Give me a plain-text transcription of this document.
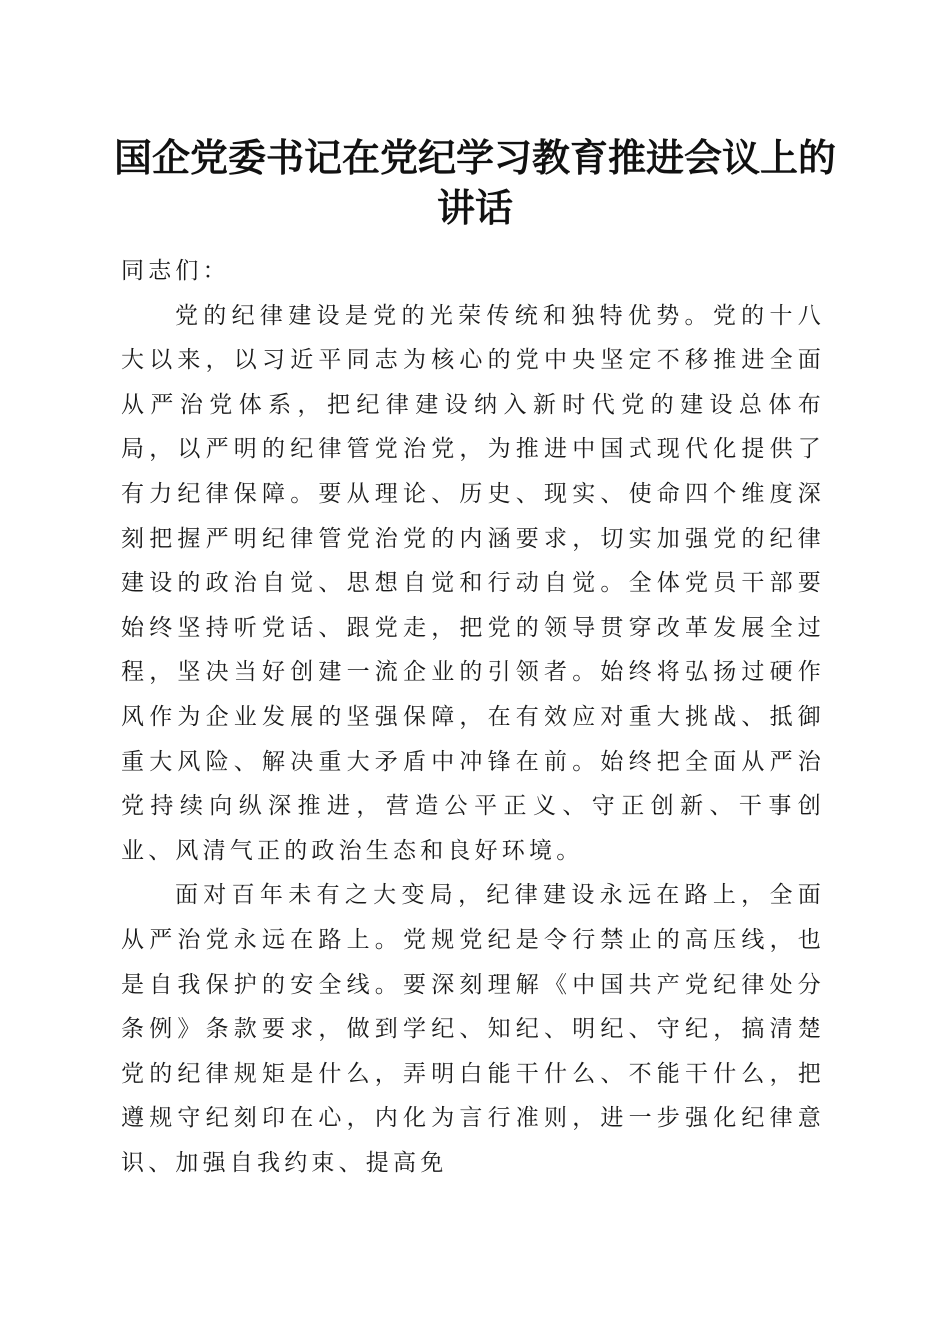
国企党委书记在党纪学习教育推进会议上的讲话

同志们：

党的纪律建设是党的光荣传统和独特优势。党的十八大以来，以习近平同志为核心的党中央坚定不移推进全面从严治党体系，把纪律建设纳入新时代党的建设总体布局，以严明的纪律管党治党，为推进中国式现代化提供了有力纪律保障。要从理论、历史、现实、使命四个维度深刻把握严明纪律管党治党的内涵要求，切实加强党的纪律建设的政治自觉、思想自觉和行动自觉。全体党员干部要始终坚持听党话、跟党走，把党的领导贯穿改革发展全过程，坚决当好创建一流企业的引领者。始终将弘扬过硬作风作为企业发展的坚强保障，在有效应对重大挑战、抵御重大风险、解决重大矛盾中冲锋在前。始终把全面从严治党持续向纵深推进，营造公平正义、守正创新、干事创业、风清气正的政治生态和良好环境。

面对百年未有之大变局，纪律建设永远在路上，全面从严治党永远在路上。党规党纪是令行禁止的高压线，也是自我保护的安全线。要深刻理解《中国共产党纪律处分条例》条款要求，做到学纪、知纪、明纪、守纪，搞清楚党的纪律规矩是什么，弄明白能干什么、不能干什么，把遵规守纪刻印在心，内化为言行准则，进一步强化纪律意识、加强自我约束、提高免
